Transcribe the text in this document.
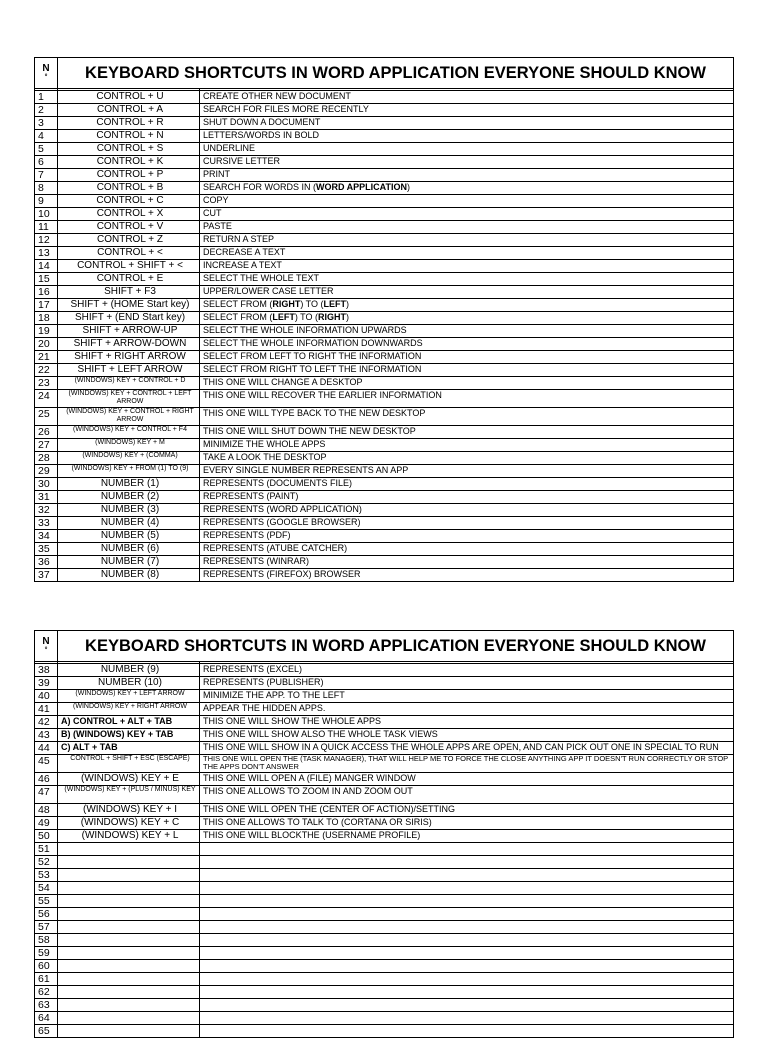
N
°	KEYBOARD SHORTCUTS IN WORD APPLICATION EVERYONE SHOULD KNOW	

1	CONTROL + U	CREATE OTHER NEW DOCUMENT
2	CONTROL + A	SEARCH FOR FILES MORE RECENTLY
3	CONTROL + R	SHUT DOWN A DOCUMENT
4	CONTROL + N	LETTERS/WORDS IN BOLD
5	CONTROL + S	UNDERLINE
6	CONTROL + K	CURSIVE LETTER
7	CONTROL + P	PRINT
8	CONTROL + B	SEARCH FOR WORDS IN (WORD APPLICATION)
9	CONTROL + C	COPY
10	CONTROL + X	CUT
11	CONTROL + V	PASTE
12	CONTROL + Z	RETURN A STEP
13	CONTROL + <	DECREASE A TEXT
14	CONTROL + SHIFT + <	INCREASE A TEXT
15	CONTROL + E	SELECT THE WHOLE TEXT
16	SHIFT + F3	UPPER/LOWER CASE LETTER
17	SHIFT + (HOME Start key)	SELECT FROM (RIGHT) TO (LEFT)
18	SHIFT + (END Start key)	SELECT FROM (LEFT) TO (RIGHT)
19	SHIFT + ARROW-UP	SELECT THE WHOLE INFORMATION UPWARDS
20	SHIFT + ARROW-DOWN	SELECT THE WHOLE INFORMATION DOWNWARDS
21	SHIFT + RIGHT ARROW	SELECT FROM LEFT TO RIGHT THE INFORMATION
22	SHIFT + LEFT ARROW	SELECT FROM RIGHT TO LEFT THE INFORMATION
23	(WINDOWS) KEY + CONTROL + D	THIS ONE WILL CHANGE A DESKTOP
24	(WINDOWS) KEY + CONTROL + LEFT ARROW	THIS ONE WILL RECOVER THE EARLIER INFORMATION
25	(WINDOWS) KEY + CONTROL + RIGHT ARROW	THIS ONE WILL TYPE BACK TO THE NEW DESKTOP
26	(WINDOWS) KEY + CONTROL + F4	THIS ONE WILL SHUT DOWN THE NEW DESKTOP
27	(WINDOWS) KEY + M	MINIMIZE THE WHOLE APPS
28	(WINDOWS) KEY + (COMMA)	TAKE A LOOK THE DESKTOP
29	(WINDOWS) KEY + FROM (1) TO (9)	EVERY SINGLE NUMBER REPRESENTS AN APP
30	NUMBER (1)	REPRESENTS (DOCUMENTS FILE)
31	NUMBER (2)	REPRESENTS (PAINT)
32	NUMBER (3)	REPRESENTS (WORD APPLICATION)
33	NUMBER (4)	REPRESENTS (GOOGLE BROWSER)
34	NUMBER (5)	REPRESENTS (PDF)
35	NUMBER (6)	REPRESENTS (ATUBE CATCHER)
36	NUMBER (7)	REPRESENTS (WINRAR)
37	NUMBER (8)	REPRESENTS (FIREFOX) BROWSER
N
°	KEYBOARD SHORTCUTS IN WORD APPLICATION EVERYONE SHOULD KNOW	

38	NUMBER (9)	REPRESENTS (EXCEL)
39	NUMBER (10)	REPRESENTS (PUBLISHER)
40	(WINDOWS) KEY + LEFT ARROW	MINIMIZE THE APP. TO THE LEFT
41	(WINDOWS) KEY + RIGHT ARROW	APPEAR THE HIDDEN APPS.
42	A) CONTROL + ALT + TAB	THIS ONE WILL SHOW THE WHOLE APPS
43	B) (WINDOWS) KEY + TAB	THIS ONE WILL SHOW ALSO THE WHOLE TASK VIEWS
44	C) ALT + TAB	THIS ONE WILL SHOW IN A QUICK ACCESS THE WHOLE APPS ARE OPEN, AND CAN PICK OUT ONE IN SPECIAL TO RUN
45	CONTROL + SHIFT + ESC (ESCAPE)	THIS ONE WILL OPEN THE (TASK MANAGER), THAT WILL HELP ME TO FORCE THE CLOSE ANYTHING APP IT DOESN'T RUN CORRECTLY OR STOP THE APPS DON'T ANSWER
46	(WINDOWS) KEY + E	THIS ONE WILL OPEN A (FILE) MANGER WINDOW
47	(WINDOWS) KEY + (PLUS / MINUS) KEY	THIS ONE ALLOWS TO ZOOM IN AND ZOOM OUT
48	(WINDOWS) KEY + I	THIS ONE WILL OPEN THE (CENTER OF ACTION)/SETTING
49	(WINDOWS) KEY + C	THIS ONE ALLOWS TO TALK TO (CORTANA OR SIRIS)
50	(WINDOWS) KEY + L	THIS ONE WILL BLOCKTHE (USERNAME PROFILE)
51		
52		
53		
54		
55		
56		
57		
58		
59		
60		
61		
62		
63		
64		
65		
